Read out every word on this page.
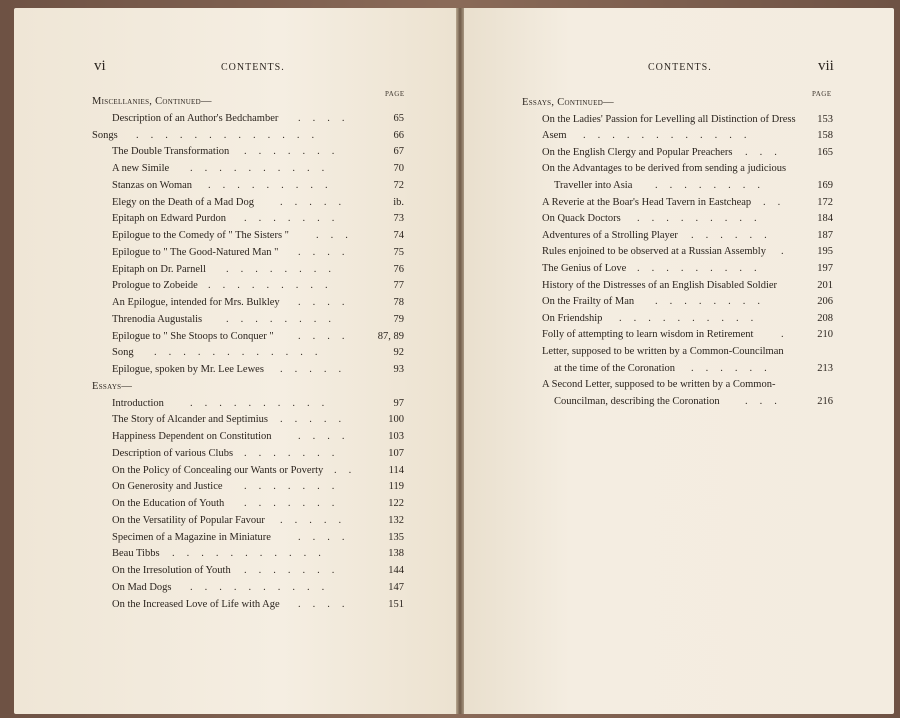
vi	CONTENTS.
PAGE
CONTENTS.	vii
PAGE
Miscellanies, Continued—
Description of an Author's Bedchamber	65
....
Songs	66
.............
The Double Transformation	67
.......
A new Simile	70
..........
Stanzas on Woman	72
.........
Elegy on the Death of a Mad Dog	ib.
.....
Epitaph on Edward Purdon	73
.......
Epilogue to the Comedy of " The Sisters "	74
...
Epilogue to " The Good-Natured Man "	75
....
Epitaph on Dr. Parnell	76
........
Prologue to Zobeide	77
.........
An Epilogue, intended for Mrs. Bulkley	78
....
Threnodia Augustalis	79
........
Epilogue to " She Stoops to Conquer "	87, 89
....
Song	92
............
Epilogue, spoken by Mr. Lee Lewes	93
.....
Essays—
Introduction	97
..........
The Story of Alcander and Septimius	100
.....
Happiness Dependent on Constitution	103
....
Description of various Clubs	107
.......
On the Policy of Concealing our Wants or Poverty	114
..
On Generosity and Justice	119
.......
On the Education of Youth	122
.......
On the Versatility of Popular Favour	132
.....
Specimen of a Magazine in Miniature	135
....
Beau Tibbs	138
...........
On the Irresolution of Youth	144
.......
On Mad Dogs	147
..........
On the Increased Love of Life with Age	151
....
Essays, Continued—
On the Ladies' Passion for Levelling all Distinction of Dress	153
Asem	158
............
On the English Clergy and Popular Preachers	165
...
On the Advantages to be derived from sending a judicious
Traveller into Asia	169
........
A Reverie at the Boar's Head Tavern in Eastcheap	172
..
On Quack Doctors	184
.........
Adventures of a Strolling Player	187
......
Rules enjoined to be observed at a Russian Assembly	195
.
The Genius of Love	197
.........
History of the Distresses of an English Disabled Soldier	201
On the Frailty of Man	206
........
On Friendship	208
..........
Folly of attempting to learn wisdom in Retirement	210
.
Letter, supposed to be written by a Common-Councilman
at the time of the Coronation	213
......
A Second Letter, supposed to be written by a Common-
Councilman, describing the Coronation	216
...
